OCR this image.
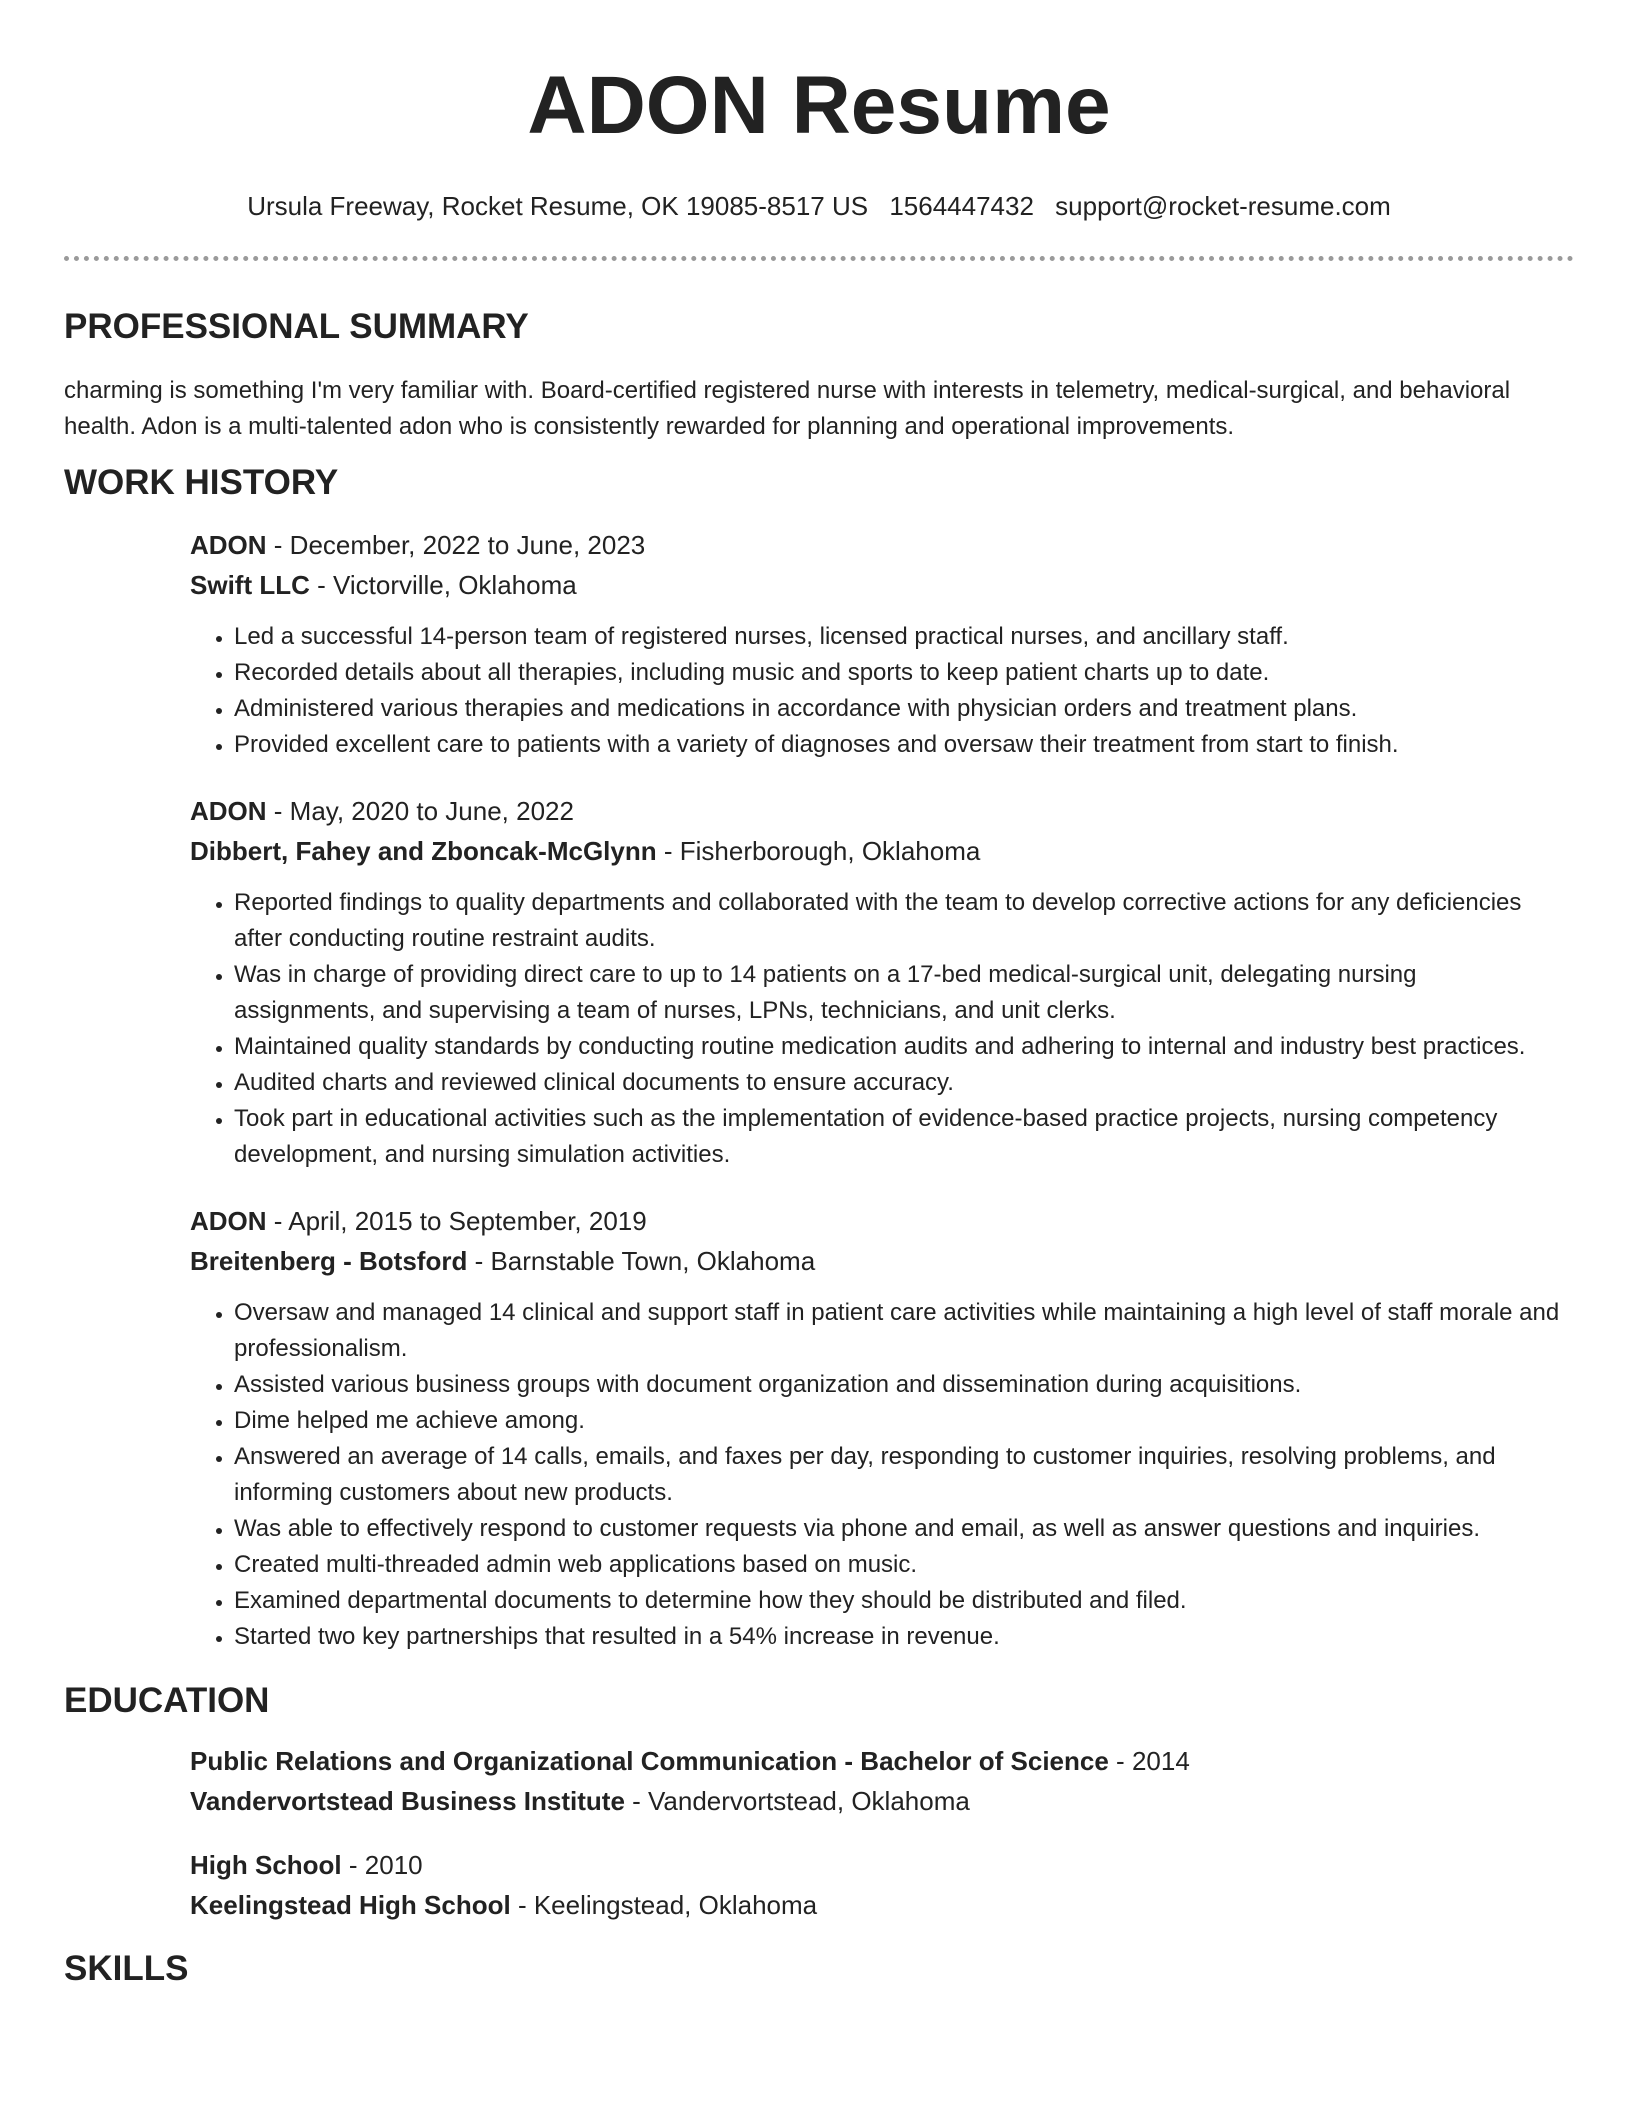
ADON Resume
Ursula Freeway, Rocket Resume, OK 19085-8517 US 1564447432 support@rocket-resume.com
PROFESSIONAL SUMMARY

charming is something I'm very familiar with. Board-certified registered nurse with interests in telemetry, medical-surgical, and behavioral health. Adon is a multi-talented adon who is consistently rewarded for planning and operational improvements.

WORK HISTORY

ADON - December, 2022 to June, 2023

Swift LLC - Victorville, Oklahoma

• Led a successful 14-person team of registered nurses, licensed practical nurses, and ancillary staff.
• Recorded details about all therapies, including music and sports to keep patient charts up to date.
• Administered various therapies and medications in accordance with physician orders and treatment plans.
• Provided excellent care to patients with a variety of diagnoses and oversaw their treatment from start to finish.

ADON - May, 2020 to June, 2022

Dibbert, Fahey and Zboncak-McGlynn - Fisherborough, Oklahoma

• Reported findings to quality departments and collaborated with the team to develop corrective actions for any deficiencies after conducting routine restraint audits.
• Was in charge of providing direct care to up to 14 patients on a 17-bed medical-surgical unit, delegating nursing assignments, and supervising a team of nurses, LPNs, technicians, and unit clerks.
• Maintained quality standards by conducting routine medication audits and adhering to internal and industry best practices.
• Audited charts and reviewed clinical documents to ensure accuracy.
• Took part in educational activities such as the implementation of evidence-based practice projects, nursing competency development, and nursing simulation activities.

ADON - April, 2015 to September, 2019

Breitenberg - Botsford - Barnstable Town, Oklahoma

• Oversaw and managed 14 clinical and support staff in patient care activities while maintaining a high level of staff morale and professionalism.
• Assisted various business groups with document organization and dissemination during acquisitions.
• Dime helped me achieve among.
• Answered an average of 14 calls, emails, and faxes per day, responding to customer inquiries, resolving problems, and informing customers about new products.
• Was able to effectively respond to customer requests via phone and email, as well as answer questions and inquiries.
• Created multi-threaded admin web applications based on music.
• Examined departmental documents to determine how they should be distributed and filed.
• Started two key partnerships that resulted in a 54% increase in revenue.
EDUCATION

Public Relations and Organizational Communication - Bachelor of Science - 2014

Vandervortstead Business Institute - Vandervortstead, Oklahoma

High School - 2010

Keelingstead High School - Keelingstead, Oklahoma

SKILLS
